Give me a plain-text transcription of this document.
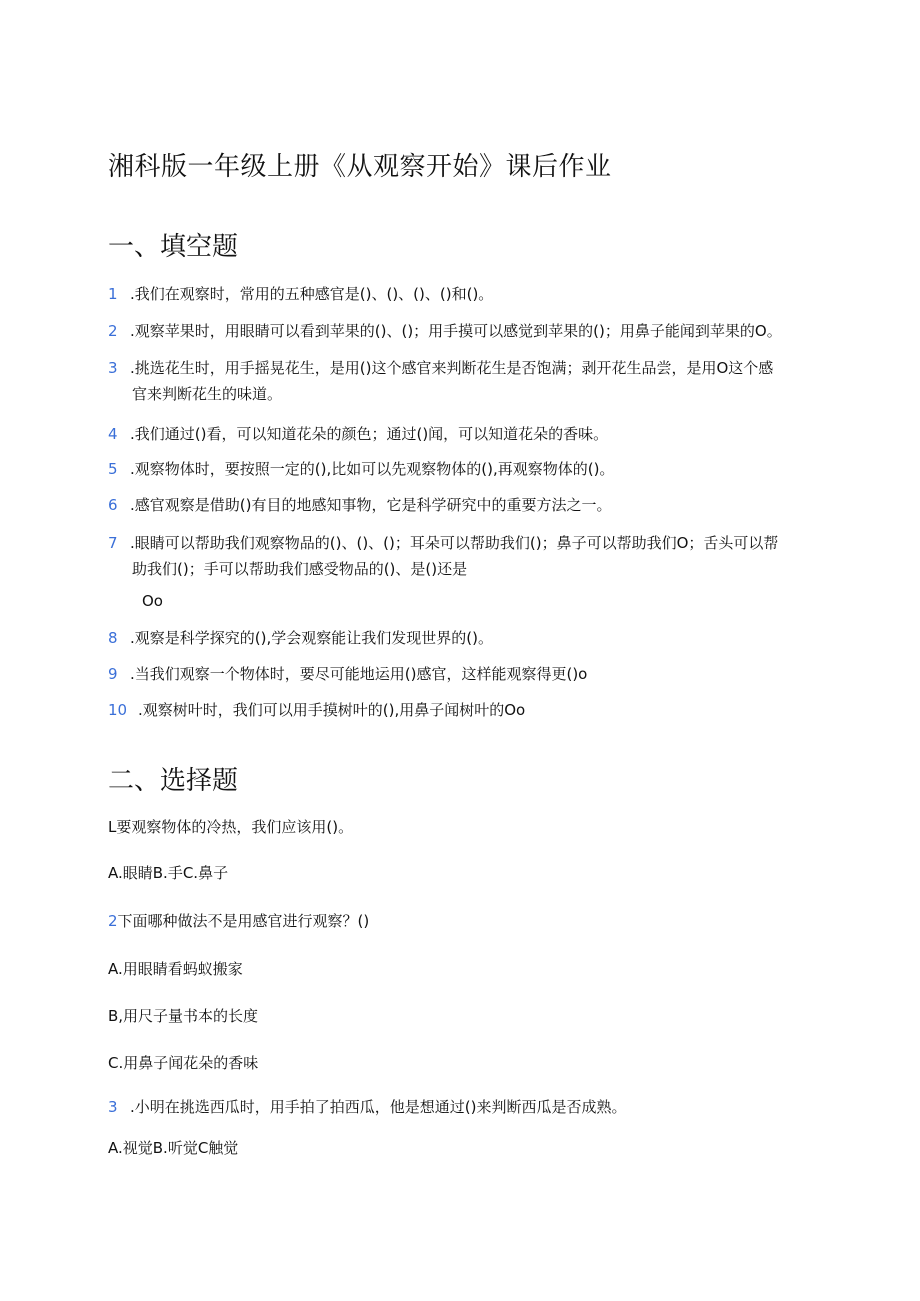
湘科版一年级上册《从观察开始》课后作业
一、填空题
1 .我们在观察时，常用的五种感官是()、()、()、()和()。
2 .观察苹果时，用眼睛可以看到苹果的()、()；用手摸可以感觉到苹果的()；用鼻子能闻到苹果的O。
3 .挑选花生时，用手摇晃花生，是用()这个感官来判断花生是否饱满；剥开花生品尝，是用O这个感
官来判断花生的味道。
4 .我们通过()看，可以知道花朵的颜色；通过()闻，可以知道花朵的香味。
5 .观察物体时，要按照一定的(),比如可以先观察物体的(),再观察物体的()。
6 .感官观察是借助()有目的地感知事物，它是科学研究中的重要方法之一。
7 .眼睛可以帮助我们观察物品的()、()、()；耳朵可以帮助我们()；鼻子可以帮助我们O；舌头可以帮
助我们()；手可以帮助我们感受物品的()、是()还是
Oo
8 .观察是科学探究的(),学会观察能让我们发现世界的()。
9 .当我们观察一个物体时，要尽可能地运用()感官，这样能观察得更()o
10 .观察树叶时，我们可以用手摸树叶的(),用鼻子闻树叶的Oo
二、选择题
L要观察物体的冷热，我们应该用()。
A.眼睛B.手C.鼻子
2下面哪种做法不是用感官进行观察？()
A.用眼睛看蚂蚁搬家
B,用尺子量书本的长度
C.用鼻子闻花朵的香味
3 .小明在挑选西瓜时，用手拍了拍西瓜，他是想通过()来判断西瓜是否成熟。
A.视觉B.听觉C触觉
